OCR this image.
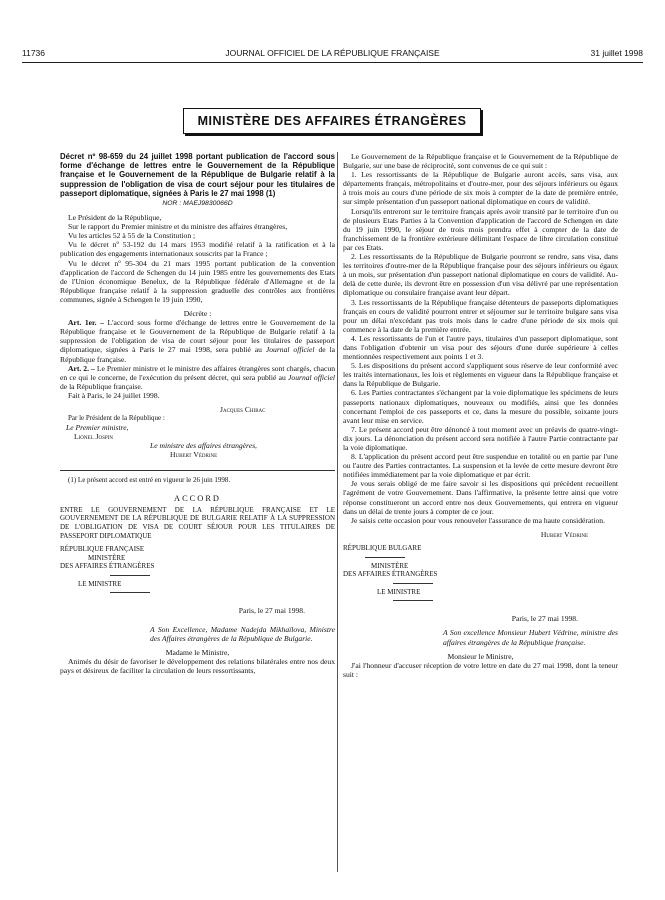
11736	JOURNAL OFFICIEL DE LA RÉPUBLIQUE FRANÇAISE	31 juillet 1998
MINISTÈRE DES AFFAIRES ÉTRANGÈRES

Décret nº 98-659 du 24 juillet 1998 portant publication de l'accord sous forme d'échange de lettres entre le Gouvernement de la République française et le Gouvernement de la République de Bulgarie relatif à la suppression de l'obligation de visa de court séjour pour les titulaires de passeport diplomatique, signées à Paris le 27 mai 1998 (1)

NOR : MAEJ9830066D

Le Président de la République,

Sur le rapport du Premier ministre et du ministre des affaires étrangères,

Vu les articles 52 à 55 de la Constitution ;

Vu le décret nº 53-192 du 14 mars 1953 modifié relatif à la ratification et à la publication des engagements internationaux souscrits par la France ;

Vu le décret nº 95-304 du 21 mars 1995 portant publication de la convention d'application de l'accord de Schengen du 14 juin 1985 entre les gouvernements des Etats de l'Union économique Benelux, de la République fédérale d'Allemagne et de la République française relatif à la suppression graduelle des contrôles aux frontières communes, signée à Schengen le 19 juin 1990,

Décrète :

Art. 1er. – L'accord sous forme d'échange de lettres entre le Gouvernement de la République française et le Gouvernement de la République de Bulgarie relatif à la suppression de l'obligation de visa de court séjour pour les titulaires de passeport diplomatique, signées à Paris le 27 mai 1998, sera publié au Journal officiel de la République française.

Art. 2. – Le Premier ministre et le ministre des affaires étrangères sont chargés, chacun en ce qui le concerne, de l'exécution du présent décret, qui sera publié au Journal officiel de la République française.

Fait à Paris, le 24 juillet 1998.

Jacques Chirac

Par le Président de la République :

Le Premier ministre,

Lionel Jospin

Le ministre des affaires étrangères,

Hubert Védrine

(1) Le présent accord est entré en vigueur le 26 juin 1998.

ACCORD

ENTRE LE GOUVERNEMENT DE LA RÉPUBLIQUE FRANÇAISE ET LE GOUVERNEMENT DE LA RÉPUBLIQUE DE BULGARIE RELATIF À LA SUPPRESSION DE L'OBLIGATION DE VISA DE COURT SÉJOUR POUR LES TITULAIRES DE PASSEPORT DIPLOMATIQUE

RÉPUBLIQUE FRANÇAISE

MINISTÈRE

DES AFFAIRES ÉTRANGÈRES

LE MINISTRE

Paris, le 27 mai 1998.

A Son Excellence, Madame Nadejda Mikhaïlova, Ministre des Affaires étrangères de la République de Bulgarie.

Madame le Ministre,

Animés du désir de favoriser le développement des relations bilatérales entre nos deux pays et désireux de faciliter la circulation de leurs ressortissants,

Le Gouvernement de la République française et le Gouvernement de la République de Bulgarie, sur une base de réciprocité, sont convenus de ce qui suit :

1. Les ressortissants de la République de Bulgarie auront accès, sans visa, aux départements français, métropolitains et d'outre-mer, pour des séjours inférieurs ou égaux à trois mois au cours d'une période de six mois à compter de la date de première entrée, sur simple présentation d'un passeport national diplomatique en cours de validité.

Lorsqu'ils entreront sur le territoire français après avoir transité par le territoire d'un ou de plusieurs Etats Parties à la Convention d'application de l'accord de Schengen en date du 19 juin 1990, le séjour de trois mois prendra effet à compter de la date de franchissement de la frontière extérieure délimitant l'espace de libre circulation constitué par ces Etats.

2. Les ressortissants de la République de Bulgarie pourront se rendre, sans visa, dans les territoires d'outre-mer de la République française pour des séjours inférieurs ou égaux à un mois, sur présentation d'un passeport national diplomatique en cours de validité. Au-delà de cette durée, ils devront être en possession d'un visa délivré par une représentation diplomatique ou consulaire française avant leur départ.

3. Les ressortissants de la République française détenteurs de passeports diplomatiques français en cours de validité pourront entrer et séjourner sur le territoire bulgare sans visa pour un délai n'excédant pas trois mois dans le cadre d'une période de six mois qui commence à la date de la première entrée.

4. Les ressortissants de l'un et l'autre pays, titulaires d'un passeport diplomatique, sont dans l'obligation d'obtenir un visa pour des séjours d'une durée supérieure à celles mentionnées respectivement aux points 1 et 3.

5. Les dispositions du présent accord s'appliquent sous réserve de leur conformité avec les traités internationaux, les lois et règlements en vigueur dans la République française et dans la République de Bulgarie.

6. Les Parties contractantes s'échangent par la voie diplomatique les spécimens de leurs passeports nationaux diplomatiques, nouveaux ou modifiés, ainsi que les données concernant l'emploi de ces passeports et ce, dans la mesure du possible, soixante jours avant leur mise en service.

7. Le présent accord peut être dénoncé à tout moment avec un préavis de quatre-vingt-dix jours. La dénonciation du présent accord sera notifiée à l'autre Partie contractante par la voie diplomatique.

8. L'application du présent accord peut être suspendue en totalité ou en partie par l'une ou l'autre des Parties contractantes. La suspension et la levée de cette mesure devront être notifiées immédiatement par la voie diplomatique et par écrit.

Je vous serais obligé de me faire savoir si les dispositions qui précèdent recueillent l'agrément de votre Gouvernement. Dans l'affirmative, la présente lettre ainsi que votre réponse constitueront un accord entre nos deux Gouvernements, qui entrera en vigueur dans un délai de trente jours à compter de ce jour.

Je saisis cette occasion pour vous renouveler l'assurance de ma haute considération.

Hubert Védrine

RÉPUBLIQUE BULGARE

MINISTÈRE

DES AFFAIRES ÉTRANGÈRES

LE MINISTRE

Paris, le 27 mai 1998.

A Son excellence Monsieur Hubert Védrine, ministre des affaires étrangères de la République française.

Monsieur le Ministre,

J'ai l'honneur d'accuser réception de votre lettre en date du 27 mai 1998, dont la teneur suit :
